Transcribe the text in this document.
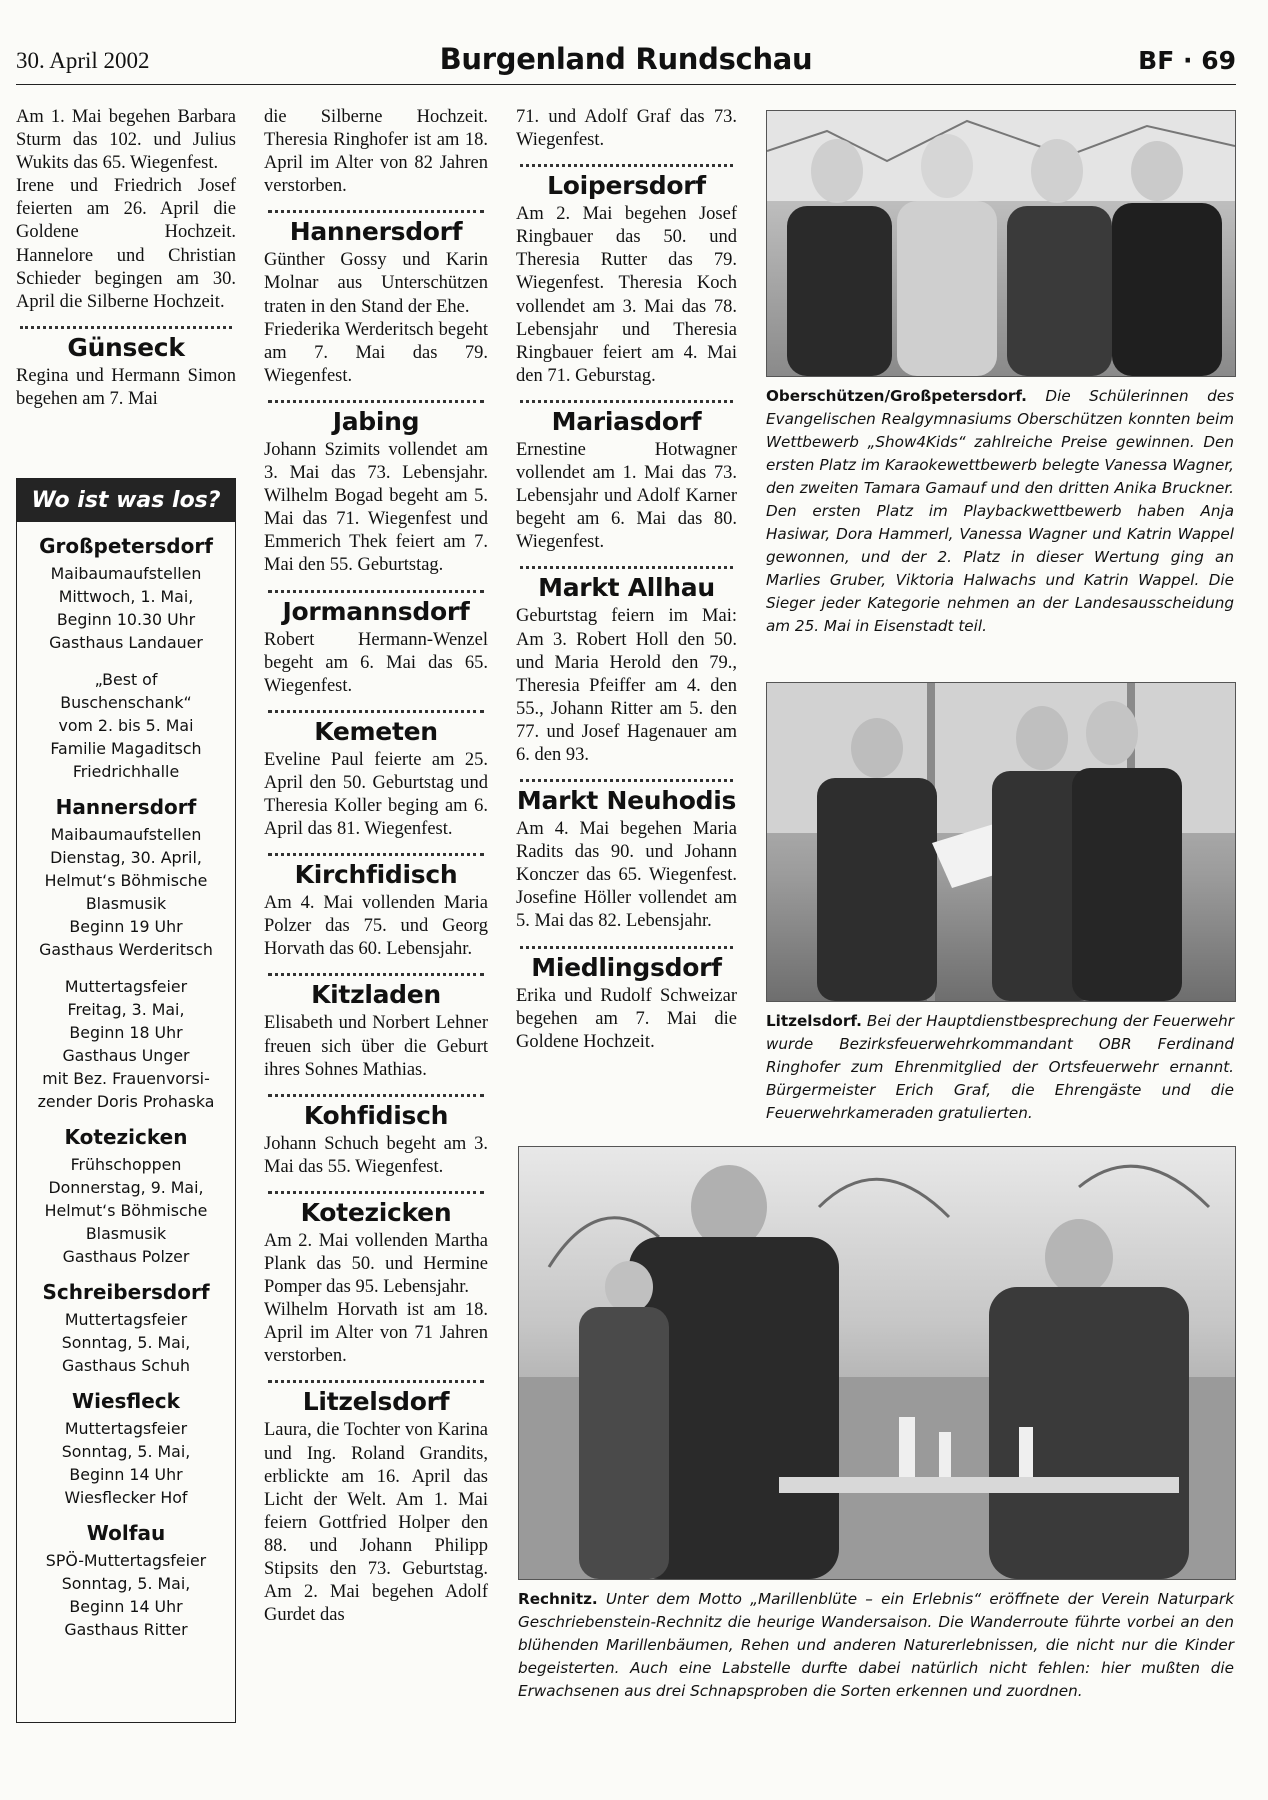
30. April 2002	Burgenland Rundschau	BF · 69

Am 1. Mai begehen Barbara Sturm das 102. und Julius Wukits das 65. Wiegenfest.

Irene und Friedrich Josef feierten am 26. April die Goldene Hochzeit. Hannelore und Christian Schieder begingen am 30. April die Silberne Hochzeit.

Günseck

Regina und Hermann Simon begehen am 7. Mai

die Silberne Hochzeit. Theresia Ringhofer ist am 18. April im Alter von 82 Jahren verstorben.

Hannersdorf

Günther Gossy und Karin Molnar aus Unterschützen traten in den Stand der Ehe.

Friederika Werderitsch begeht am 7. Mai das 79. Wiegenfest.

Jabing

Johann Szimits vollendet am 3. Mai das 73. Lebensjahr. Wilhelm Bogad begeht am 5. Mai das 71. Wiegenfest und Emmerich Thek feiert am 7. Mai den 55. Geburtstag.

Jormannsdorf

Robert Hermann-Wenzel begeht am 6. Mai das 65. Wiegenfest.

Kemeten

Eveline Paul feierte am 25. April den 50. Geburtstag und Theresia Koller beging am 6. April das 81. Wiegenfest.

Kirchfidisch

Am 4. Mai vollenden Maria Polzer das 75. und Georg Horvath das 60. Lebensjahr.

Kitzladen

Elisabeth und Norbert Lehner freuen sich über die Geburt ihres Sohnes Mathias.

Kohfidisch

Johann Schuch begeht am 3. Mai das 55. Wiegenfest.

Kotezicken

Am 2. Mai vollenden Martha Plank das 50. und Hermine Pomper das 95. Lebensjahr.

Wilhelm Horvath ist am 18. April im Alter von 71 Jahren verstorben.

Litzelsdorf

Laura, die Tochter von Karina und Ing. Roland Grandits, erblickte am 16. April das Licht der Welt. Am 1. Mai feiern Gottfried Holper den 88. und Johann Philipp Stipsits den 73. Geburtstag. Am 2. Mai begehen Adolf Gurdet das

71. und Adolf Graf das 73. Wiegenfest.

Loipersdorf

Am 2. Mai begehen Josef Ringbauer das 50. und Theresia Rutter das 79. Wiegenfest. Theresia Koch vollendet am 3. Mai das 78. Lebensjahr und Theresia Ringbauer feiert am 4. Mai den 71. Geburstag.

Mariasdorf

Ernestine Hotwagner vollendet am 1. Mai das 73. Lebensjahr und Adolf Karner begeht am 6. Mai das 80. Wiegenfest.

Markt Allhau

Geburtstag feiern im Mai: Am 3. Robert Holl den 50. und Maria Herold den 79., Theresia Pfeiffer am 4. den 55., Johann Ritter am 5. den 77. und Josef Hagenauer am 6. den 93.

Markt Neuhodis

Am 4. Mai begehen Maria Radits das 90. und Johann Konczer das 65. Wiegenfest. Josefine Höller vollendet am 5. Mai das 82. Lebensjahr.

Miedlingsdorf

Erika und Rudolf Schweizar begehen am 7. Mai die Goldene Hochzeit.

Wo ist was los?
Großpetersdorf
Maibaumaufstellen
Mittwoch, 1. Mai,
Beginn 10.30 Uhr
Gasthaus Landauer
„Best of
Buschenschank“
vom 2. bis 5. Mai
Familie Magaditsch
Friedrichhalle
Hannersdorf
Maibaumaufstellen
Dienstag, 30. April,
Helmut‘s Böhmische
Blasmusik
Beginn 19 Uhr
Gasthaus Werderitsch
Muttertagsfeier
Freitag, 3. Mai,
Beginn 18 Uhr
Gasthaus Unger
mit Bez. Frauenvorsi-
zender Doris Prohaska
Kotezicken
Frühschoppen
Donnerstag, 9. Mai,
Helmut‘s Böhmische
Blasmusik
Gasthaus Polzer
Schreibersdorf
Muttertagsfeier
Sonntag, 5. Mai,
Gasthaus Schuh
Wiesfleck
Muttertagsfeier
Sonntag, 5. Mai,
Beginn 14 Uhr
Wiesflecker Hof
Wolfau
SPÖ-Muttertagsfeier
Sonntag, 5. Mai,
Beginn 14 Uhr
Gasthaus Ritter
Oberschützen/Großpetersdorf. Die Schülerinnen des Evangelischen Realgymnasiums Oberschützen konnten beim Wettbewerb „Show4Kids“ zahlreiche Preise gewinnen. Den ersten Platz im Karaokewettbewerb belegte Vanessa Wagner, den zweiten Tamara Gamauf und den dritten Anika Bruckner. Den ersten Platz im Playbackwettbewerb haben Anja Hasiwar, Dora Hammerl, Vanessa Wagner und Katrin Wappel gewonnen, und der 2. Platz in dieser Wertung ging an Marlies Gruber, Viktoria Halwachs und Katrin Wappel. Die Sieger jeder Kategorie nehmen an der Landesausscheidung am 25. Mai in Eisenstadt teil.
Litzelsdorf. Bei der Hauptdienstbesprechung der Feuerwehr wurde Bezirksfeuerwehrkommandant OBR Ferdinand Ringhofer zum Ehrenmitglied der Ortsfeuerwehr ernannt. Bürgermeister Erich Graf, die Ehrengäste und die Feuerwehrkameraden gratulierten.
Rechnitz. Unter dem Motto „Marillenblüte – ein Erlebnis“ eröffnete der Verein Naturpark Geschriebenstein-Rechnitz die heurige Wandersaison. Die Wanderroute führte vorbei an den blühenden Marillenbäumen, Rehen und anderen Naturerlebnissen, die nicht nur die Kinder begeisterten. Auch eine Labstelle durfte dabei natürlich nicht fehlen: hier mußten die Erwachsenen aus drei Schnapsproben die Sorten erkennen und zuordnen.
